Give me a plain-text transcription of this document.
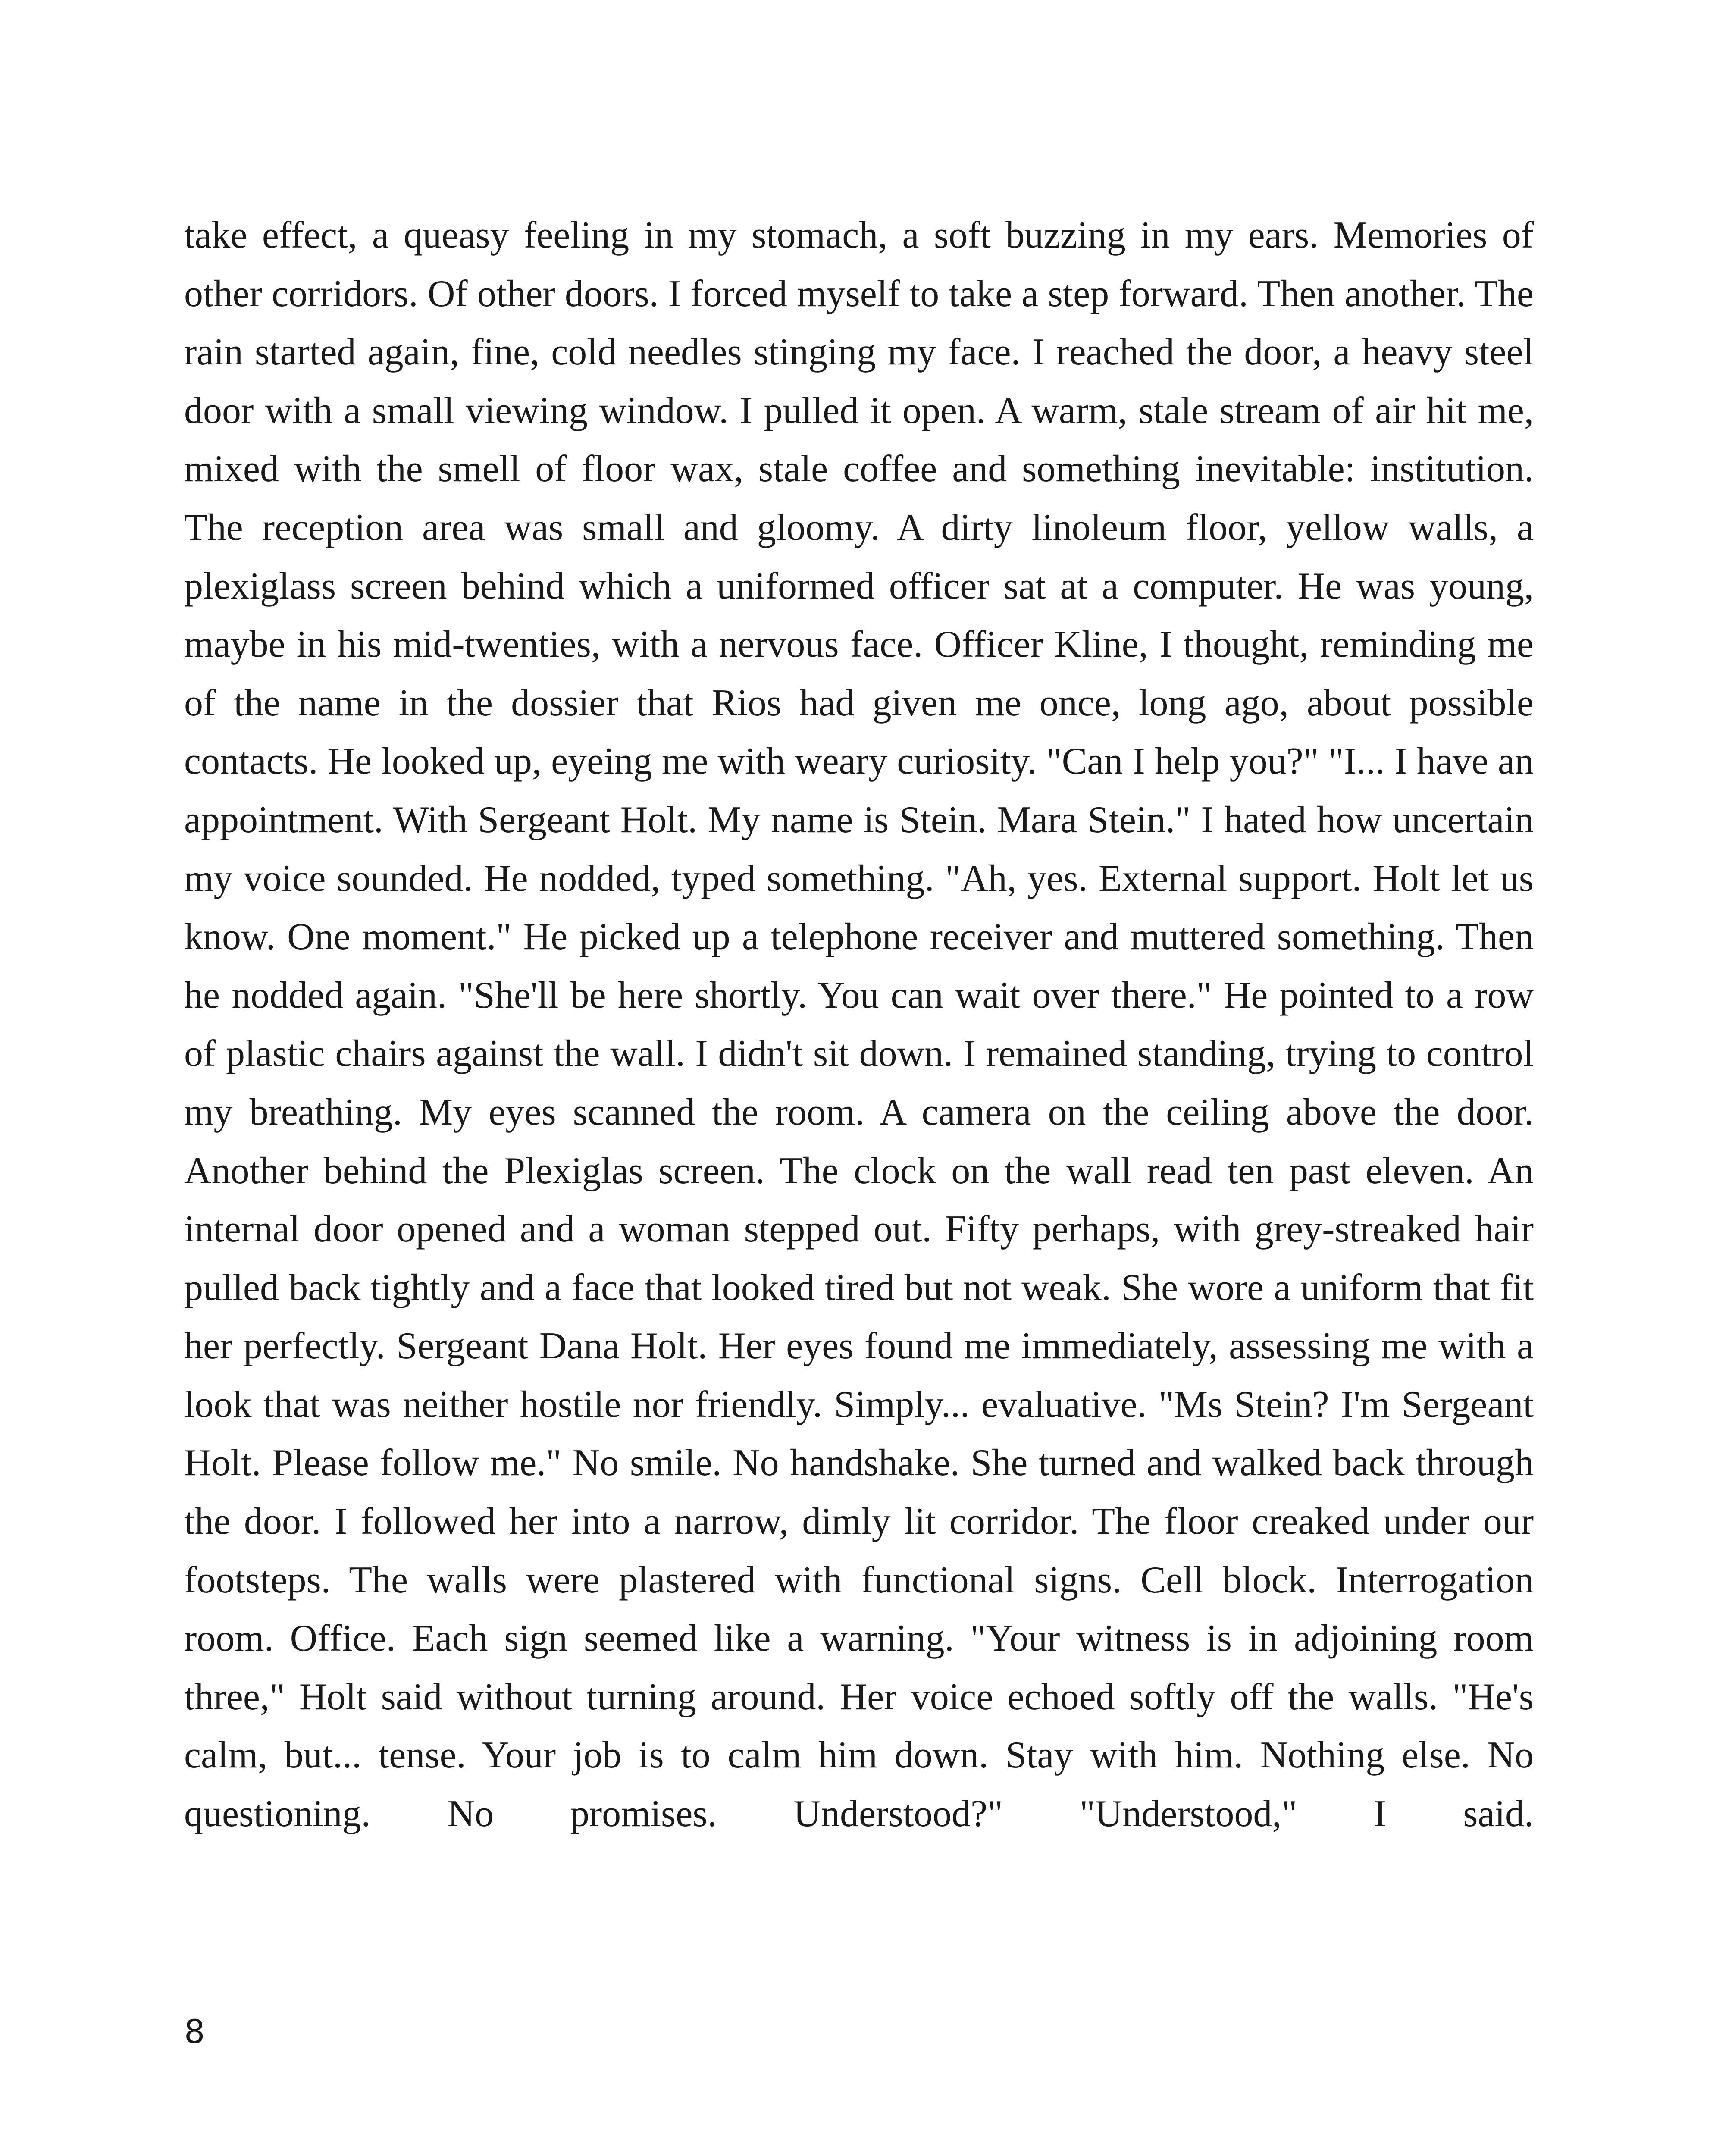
take effect, a queasy feeling in my stomach, a soft buzzing in my ears. Memories of other corridors. Of other doors. I forced myself to take a step forward. Then another. The rain started again, fine, cold needles stinging my face. I reached the door, a heavy steel door with a small viewing window. I pulled it open. A warm, stale stream of air hit me, mixed with the smell of floor wax, stale coffee and something inevitable: institution. The reception area was small and gloomy. A dirty linoleum floor, yellow walls, a plexiglass screen behind which a uniformed officer sat at a computer. He was young, maybe in his mid-twenties, with a nervous face. Officer Kline, I thought, reminding me of the name in the dossier that Rios had given me once, long ago, about possible contacts. He looked up, eyeing me with weary curiosity. "Can I help you?" "I... I have an appointment. With Sergeant Holt. My name is Stein. Mara Stein." I hated how uncertain my voice sounded. He nodded, typed something. "Ah, yes. External support. Holt let us know. One moment." He picked up a telephone receiver and muttered something. Then he nodded again. "She'll be here shortly. You can wait over there." He pointed to a row of plastic chairs against the wall. I didn't sit down. I remained standing, trying to control my breathing. My eyes scanned the room. A camera on the ceiling above the door. Another behind the Plexiglas screen. The clock on the wall read ten past eleven. An internal door opened and a woman stepped out. Fifty perhaps, with grey-streaked hair pulled back tightly and a face that looked tired but not weak. She wore a uniform that fit her perfectly. Sergeant Dana Holt. Her eyes found me immediately, assessing me with a look that was neither hostile nor friendly. Simply... evaluative. "Ms Stein? I'm Sergeant Holt. Please follow me." No smile. No handshake. She turned and walked back through the door. I followed her into a narrow, dimly lit corridor. The floor creaked under our footsteps. The walls were plastered with functional signs. Cell block. Interrogation room. Office. Each sign seemed like a warning. "Your witness is in adjoining room three," Holt said without turning around. Her voice echoed softly off the walls. "He's calm, but... tense. Your job is to calm him down. Stay with him. Nothing else. No questioning. No promises. Understood?" "Understood," I said.

8
